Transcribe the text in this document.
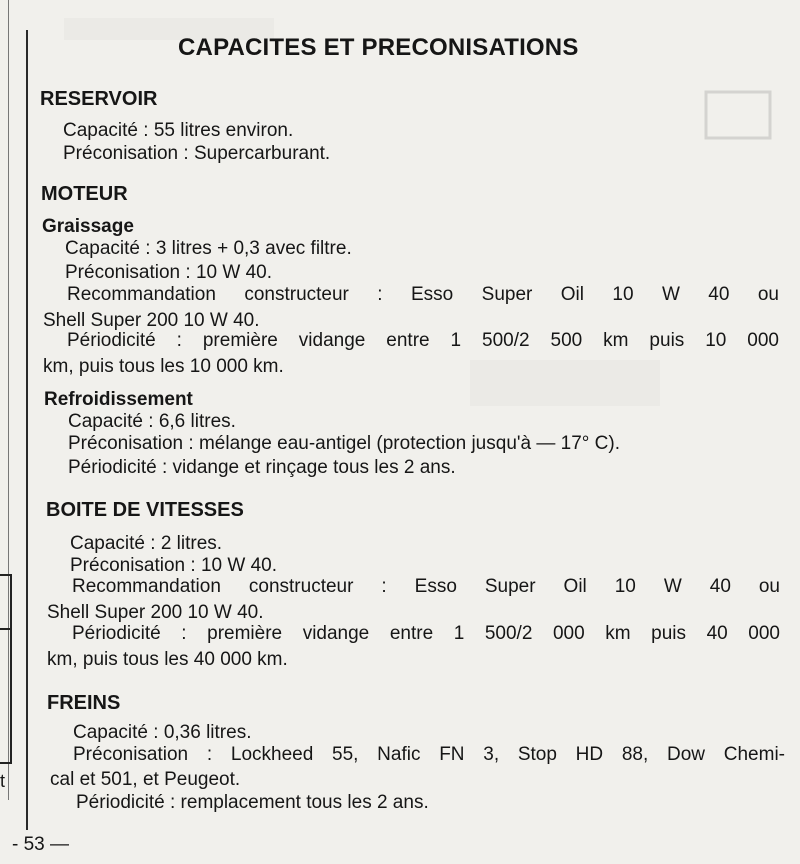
t
CAPACITES ET PRECONISATIONS
RESERVOIR
Capacité : 55 litres environ.
Préconisation : Supercarburant.
MOTEUR
Graissage
Capacité : 3 litres + 0,3 avec filtre.
Préconisation : 10 W 40.
Recommandation constructeur : Esso Super Oil 10 W 40 ou
Shell Super 200 10 W 40.
Périodicité : première vidange entre 1 500/2 500 km puis 10 000
km, puis tous les 10 000 km.
Refroidissement
Capacité : 6,6 litres.
Préconisation : mélange eau-antigel (protection jusqu'à — 17° C).
Périodicité : vidange et rinçage tous les 2 ans.
BOITE DE VITESSES
Capacité : 2 litres.
Préconisation : 10 W 40.
Recommandation constructeur : Esso Super Oil 10 W 40 ou
Shell Super 200 10 W 40.
Périodicité : première vidange entre 1 500/2 000 km puis 40 000
km, puis tous les 40 000 km.
FREINS
Capacité : 0,36 litres.
Préconisation : Lockheed 55, Nafic FN 3, Stop HD 88, Dow Chemi-
cal et 501, et Peugeot.
Périodicité : remplacement tous les 2 ans.
- 53 —
